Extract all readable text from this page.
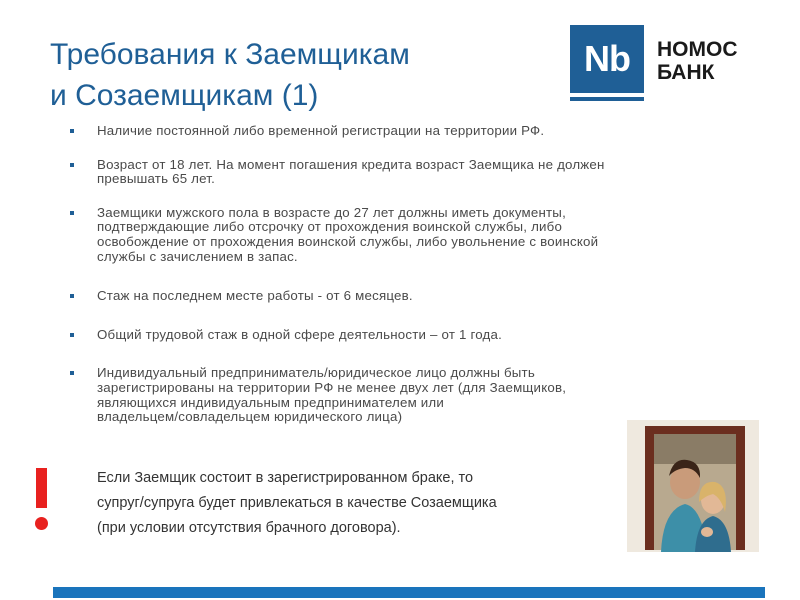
Требования к Заемщикам
и Созаемщикам (1)
Nb	НОМОС
БАНК
Наличие постоянной либо временной регистрации на территории РФ.
Возраст от 18 лет. На момент погашения кредита возраст Заемщика не должен
превышать 65 лет.
Заемщики мужского пола в возрасте до 27 лет должны иметь документы,
подтверждающие либо отсрочку от прохождения воинской службы, либо
освобождение от прохождения воинской службы, либо увольнение с воинской
службы с зачислением в запас.
Стаж на последнем месте работы - от 6 месяцев.
Общий трудовой стаж в одной сфере деятельности – от 1 года.
Индивидуальный предприниматель/юридическое лицо должны быть
зарегистрированы на территории РФ не менее двух лет (для Заемщиков,
являющихся индивидуальным предпринимателем или
владельцем/совладельцем юридического лица)
Если Заемщик состоит в зарегистрированном браке, то
супруг/супруга будет привлекаться в качестве Созаемщика
(при условии отсутствия брачного договора).
